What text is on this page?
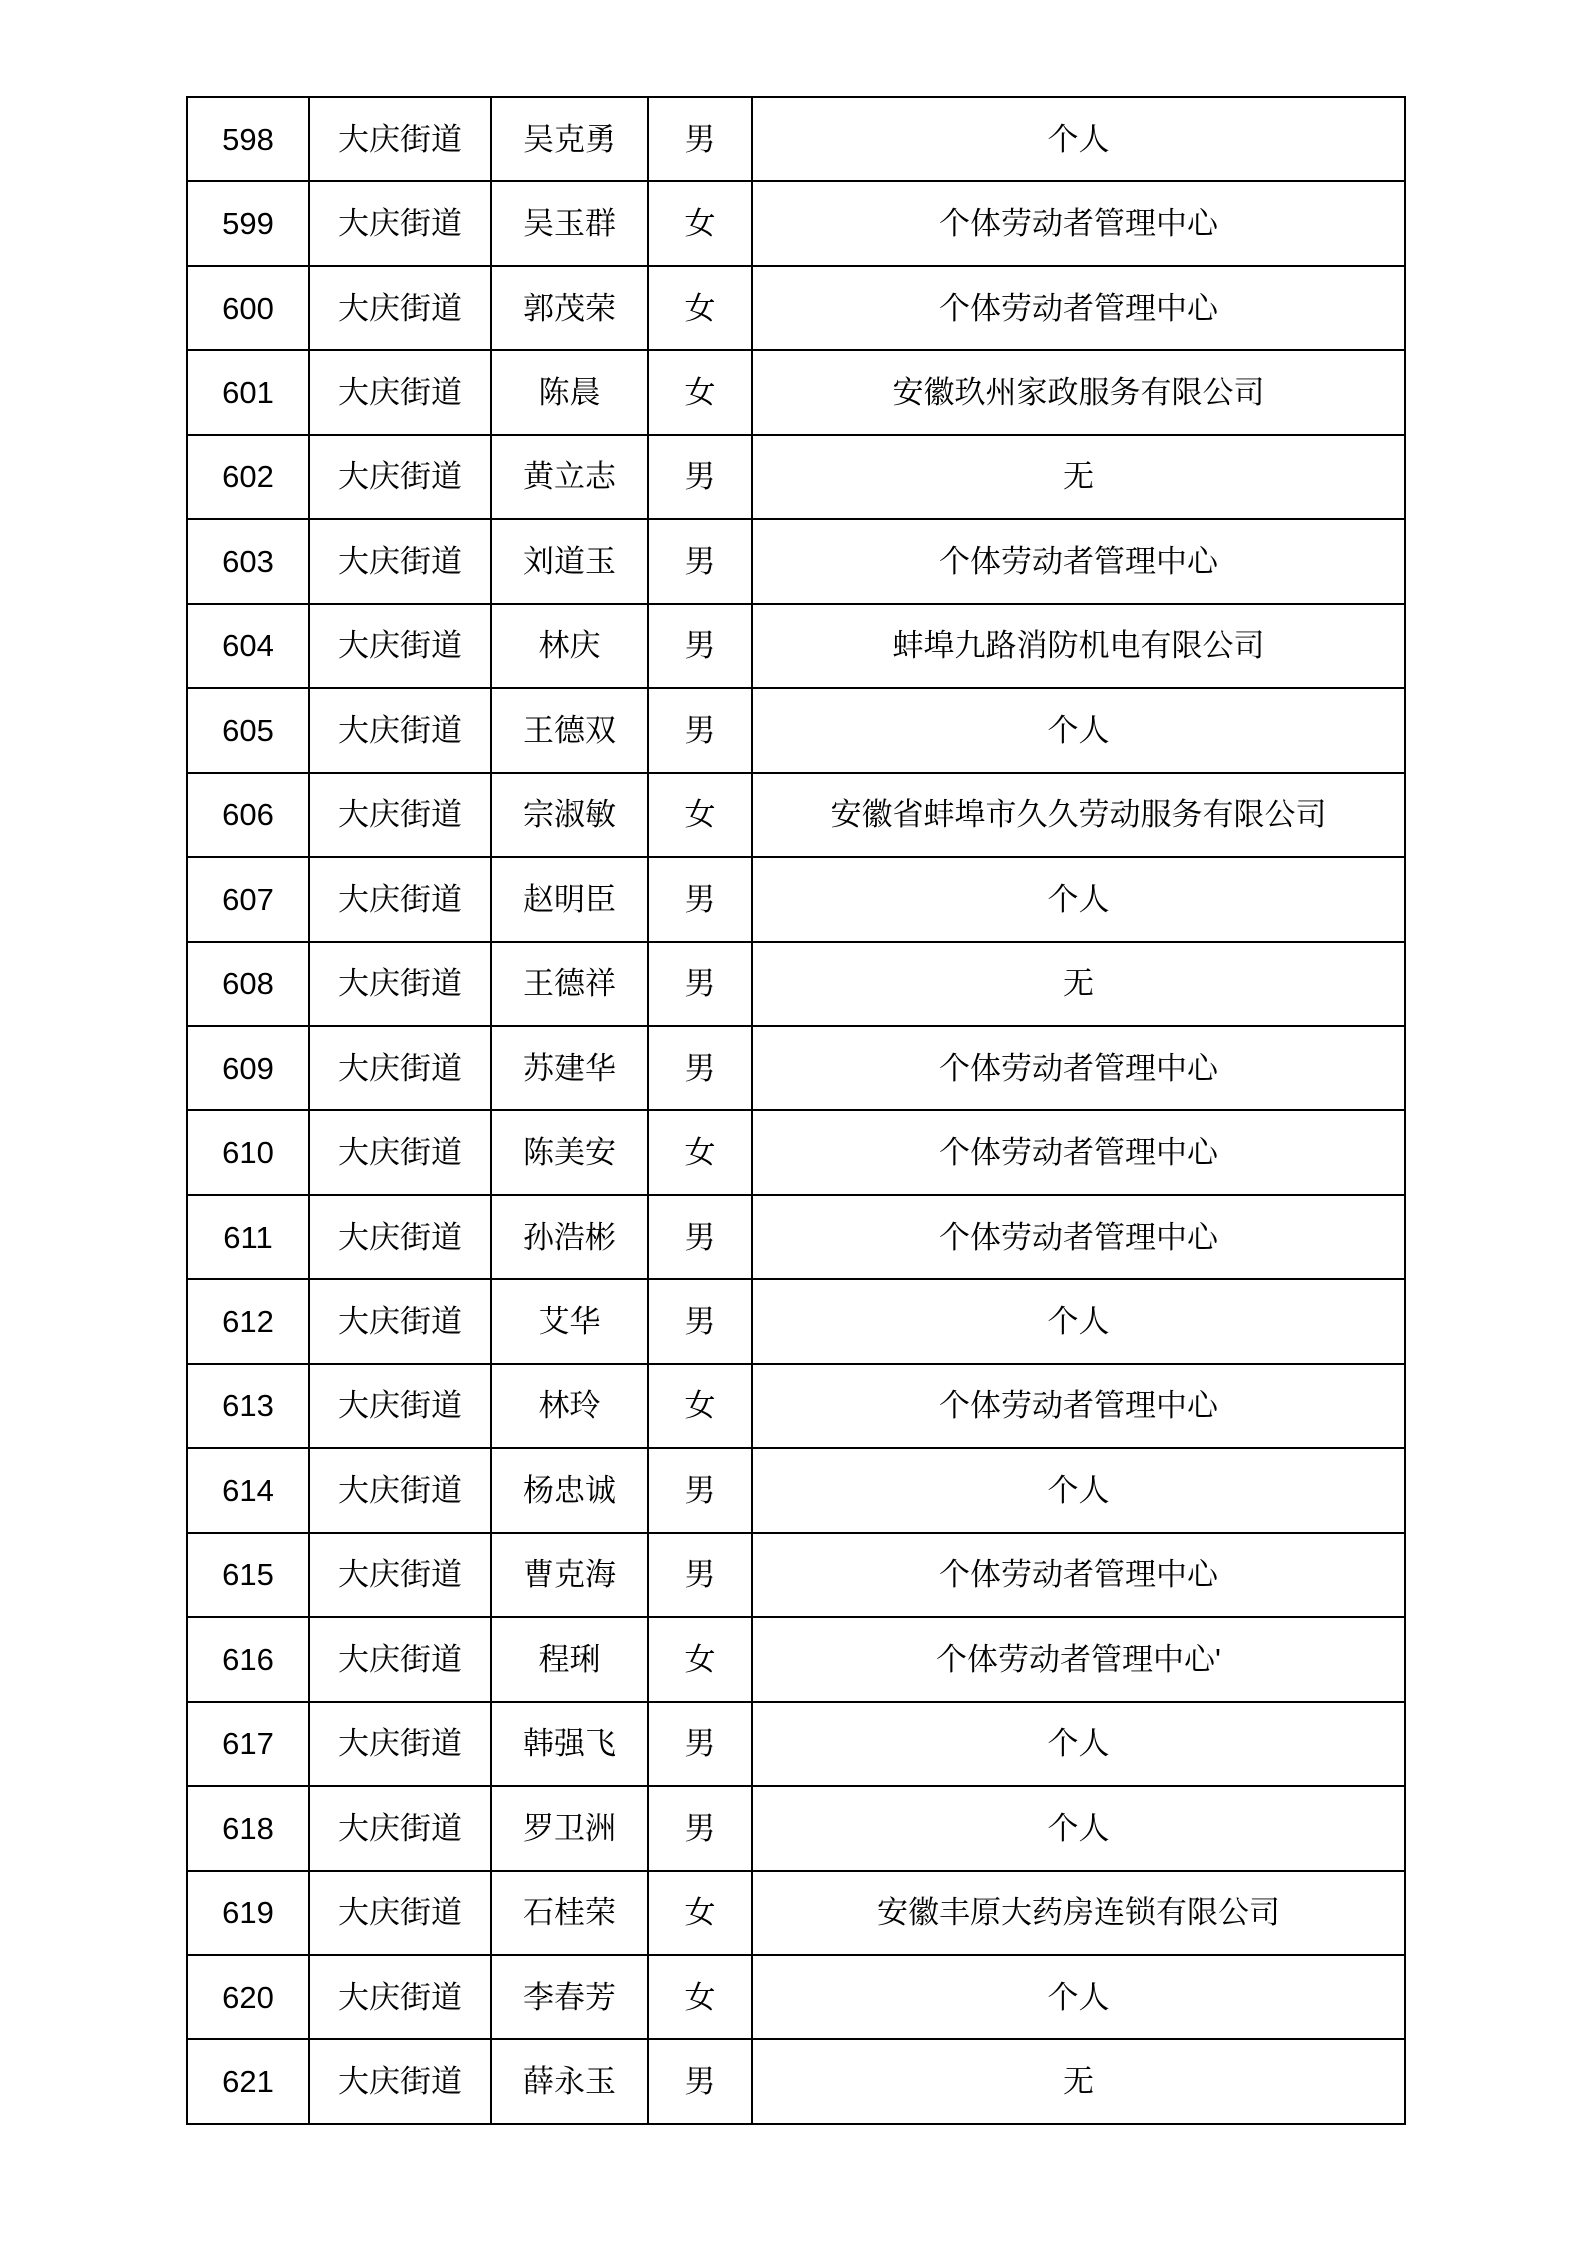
598	大庆街道	吴克勇	男	个人
599	大庆街道	吴玉群	女	个体劳动者管理中心
600	大庆街道	郭茂荣	女	个体劳动者管理中心
601	大庆街道	陈晨	女	安徽玖州家政服务有限公司
602	大庆街道	黄立志	男	无
603	大庆街道	刘道玉	男	个体劳动者管理中心
604	大庆街道	林庆	男	蚌埠九路消防机电有限公司
605	大庆街道	王德双	男	个人
606	大庆街道	宗淑敏	女	安徽省蚌埠市久久劳动服务有限公司
607	大庆街道	赵明臣	男	个人
608	大庆街道	王德祥	男	无
609	大庆街道	苏建华	男	个体劳动者管理中心
610	大庆街道	陈美安	女	个体劳动者管理中心
611	大庆街道	孙浩彬	男	个体劳动者管理中心
612	大庆街道	艾华	男	个人
613	大庆街道	林玲	女	个体劳动者管理中心
614	大庆街道	杨忠诚	男	个人
615	大庆街道	曹克海	男	个体劳动者管理中心
616	大庆街道	程琍	女	个体劳动者管理中心'
617	大庆街道	韩强飞	男	个人
618	大庆街道	罗卫洲	男	个人
619	大庆街道	石桂荣	女	安徽丰原大药房连锁有限公司
620	大庆街道	李春芳	女	个人
621	大庆街道	薛永玉	男	无
